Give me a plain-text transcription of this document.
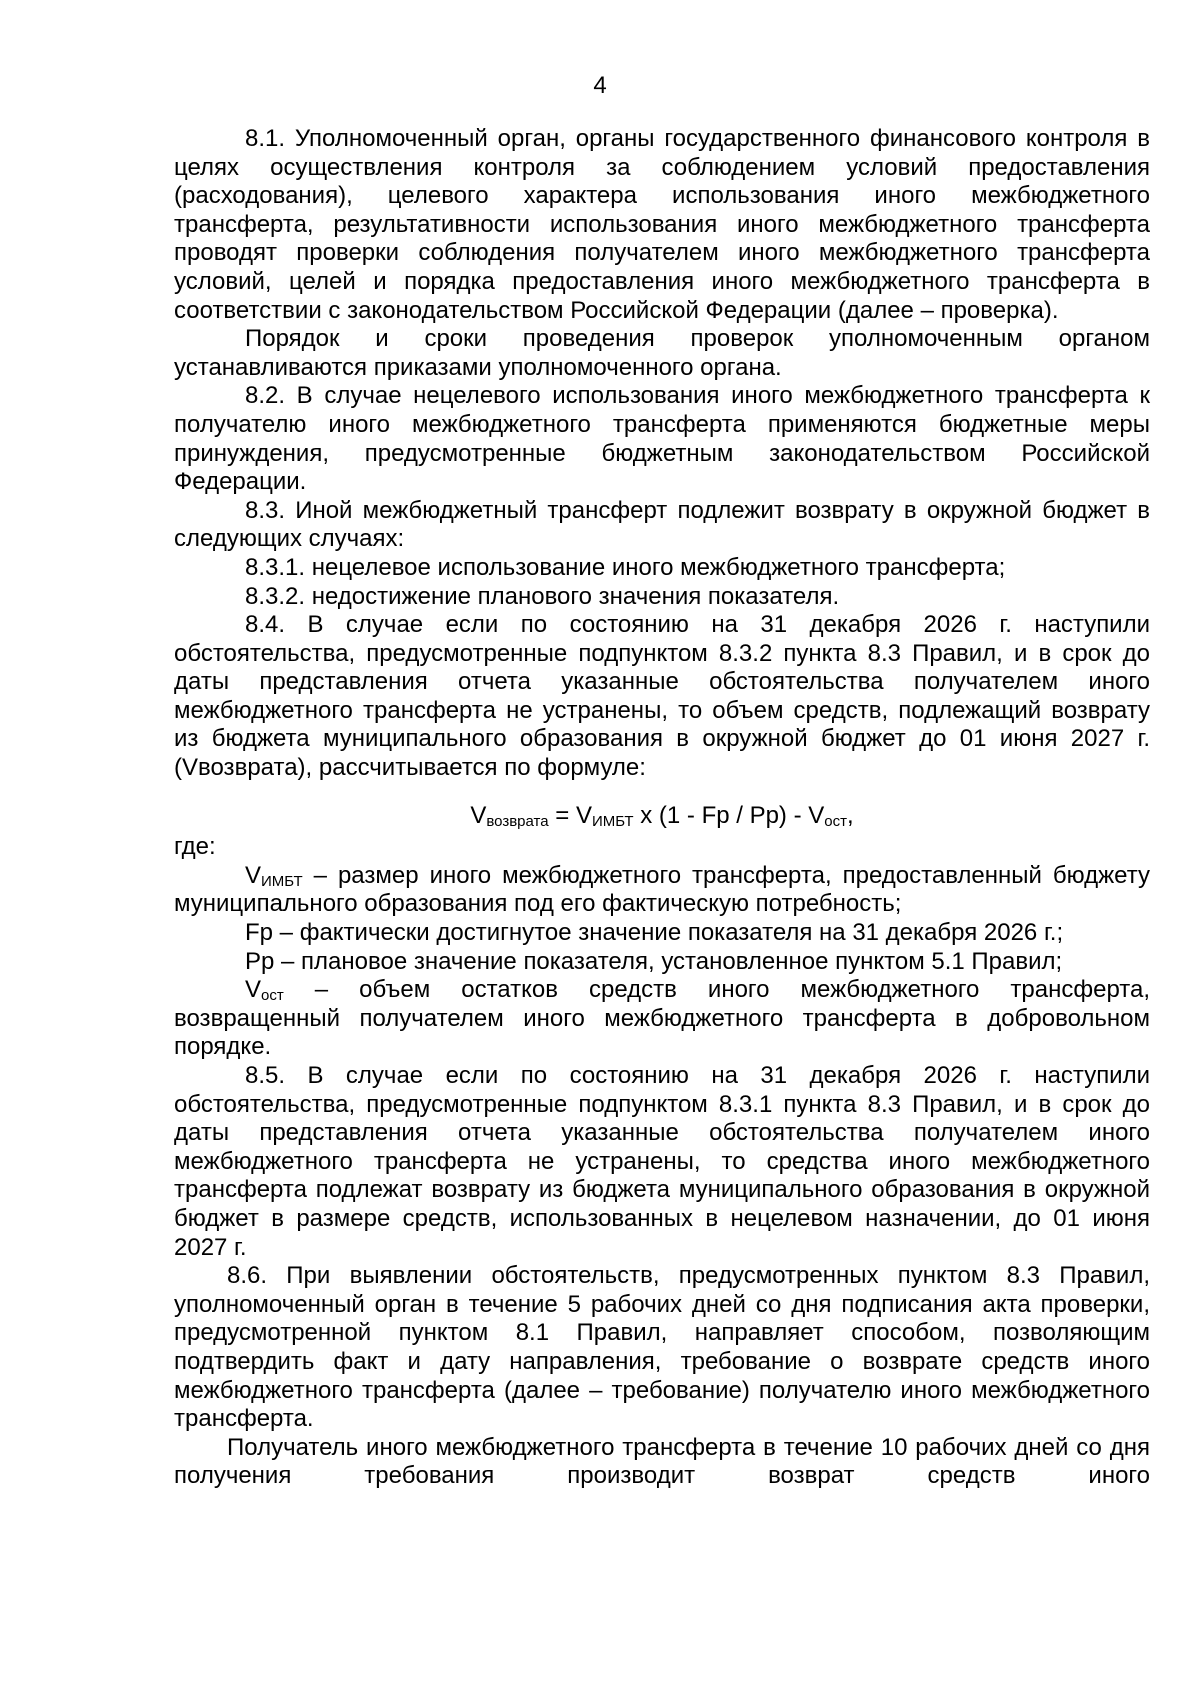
4

8.1. Уполномоченный орган, органы государственного финансового контроля в целях осуществления контроля за соблюдением условий предоставления (расходования), целевого характера использования иного межбюджетного трансферта, результативности использования иного межбюджетного трансферта проводят проверки соблюдения получателем иного межбюджетного трансферта условий, целей и порядка предоставления иного межбюджетного трансферта в соответствии с законодательством Российской Федерации (далее – проверка).

Порядок и сроки проведения проверок уполномоченным органом устанавливаются приказами уполномоченного органа.

8.2. В случае нецелевого использования иного межбюджетного трансферта к получателю иного межбюджетного трансферта применяются бюджетные меры принуждения, предусмотренные бюджетным законодательством Российской Федерации.

8.3. Иной межбюджетный трансферт подлежит возврату в окружной бюджет в следующих случаях:

8.3.1. нецелевое использование иного межбюджетного трансферта;

8.3.2. недостижение планового значения показателя.

8.4. В случае если по состоянию на 31 декабря 2026 г. наступили обстоятельства, предусмотренные подпунктом 8.3.2 пункта 8.3 Правил, и в срок до даты представления отчета указанные обстоятельства получателем иного межбюджетного трансферта не устранены, то объем средств, подлежащий возврату из бюджета муниципального образования в окружной бюджет до 01 июня 2027 г. (Vвозврата), рассчитывается по формуле:

$V_{возврата} = V_{ИМБТ}$ x (1 - Fp / $Pp) - V_{ост}$,

где:

$V_{ИМБТ}$ – размер иного межбюджетного трансферта, предоставленный бюджету муниципального образования под его фактическую потребность;

Fp – фактически достигнутое значение показателя на 31 декабря 2026 г.;

Pp – плановое значение показателя, установленное пунктом 5.1 Правил;

$V_{ост}$ – объем остатков средств иного межбюджетного трансферта, возвращенный получателем иного межбюджетного трансферта в добровольном порядке.

8.5. В случае если по состоянию на 31 декабря 2026 г. наступили обстоятельства, предусмотренные подпунктом 8.3.1 пункта 8.3 Правил, и в срок до даты представления отчета указанные обстоятельства получателем иного межбюджетного трансферта не устранены, то средства иного межбюджетного трансферта подлежат возврату из бюджета муниципального образования в окружной бюджет в размере средств, использованных в нецелевом назначении, до 01 июня 2027 г.

8.6. При выявлении обстоятельств, предусмотренных пунктом 8.3 Правил, уполномоченный орган в течение 5 рабочих дней со дня подписания акта проверки, предусмотренной пунктом 8.1 Правил, направляет способом, позволяющим подтвердить факт и дату направления, требование о возврате средств иного межбюджетного трансферта (далее – требование) получателю иного межбюджетного трансферта.

Получатель иного межбюджетного трансферта в течение 10 рабочих дней со дня получения требования производит возврат средств иного
